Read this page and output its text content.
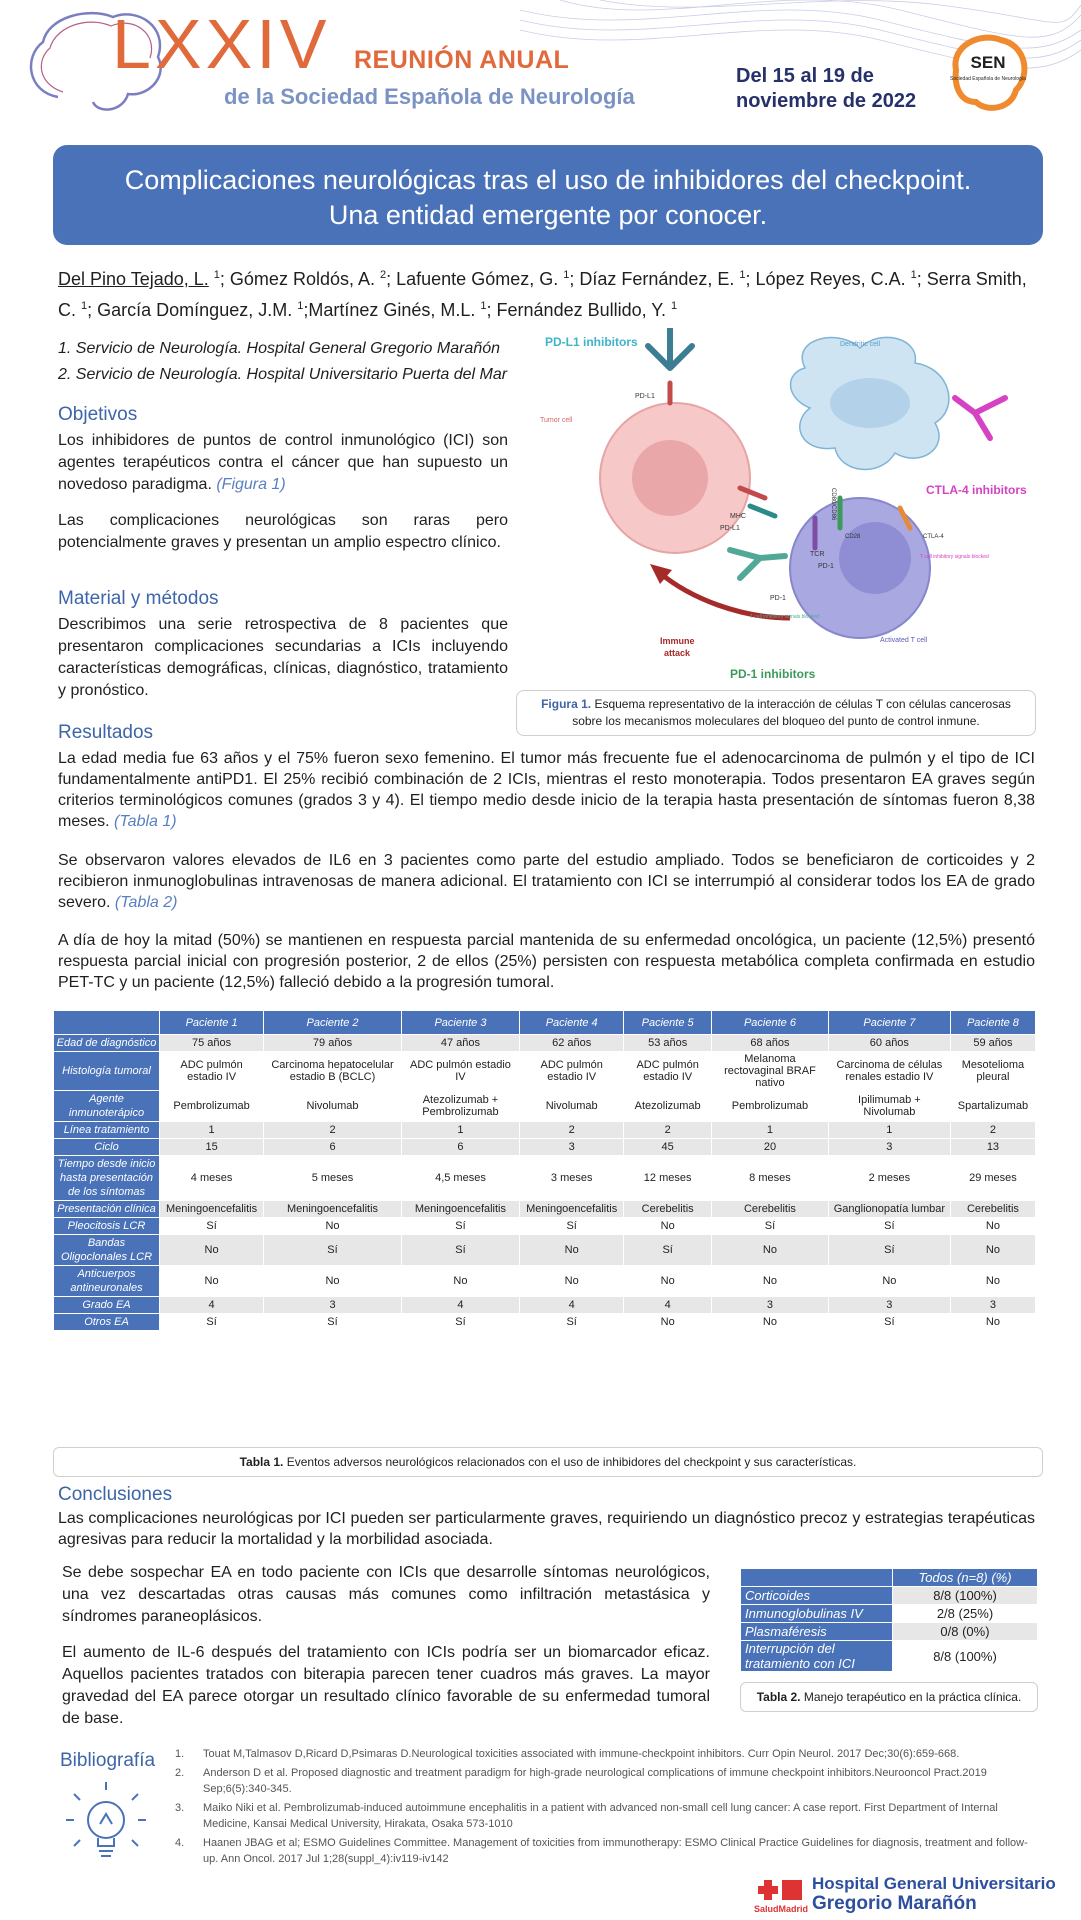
LXXIV REUNIÓN ANUAL
de la Sociedad Española de Neurología
Del 15 al 19 de
noviembre de 2022
SEN
Sociedad Española de Neurología
Complicaciones neurológicas tras el uso de inhibidores del checkpoint.
Una entidad emergente por conocer.
Del Pino Tejado, L. $^1$; Gómez Roldós, A. $^2$; Lafuente Gómez, G. $^1$; Díaz Fernández, E. $^1$; López Reyes, C.A. $^1$; Serra Smith, C. $^1$; García Domínguez, J.M. $^1$;Martínez Ginés, M.L. $^1$; Fernández Bullido, Y. $^1$
1. Servicio de Neurología. Hospital General Gregorio Marañón
2. Servicio de Neurología. Hospital Universitario Puerta del Mar
Objetivos
Los inhibidores de puntos de control inmunológico (ICI) son agentes terapéuticos contra el cáncer que han supuesto un novedoso paradigma. (Figura 1)
Las complicaciones neurológicas son raras pero potencialmente graves y presentan un amplio espectro clínico.
Material y métodos
Describimos una serie retrospectiva de 8 pacientes que presentaron complicaciones secundarias a ICIs incluyendo características demográficas, clínicas, diagnóstico, tratamiento y pronóstico.
PD-L1 inhibitors	Dendritic cell
Tumor cell
PD-L1
MHC
PD-L1
CD80/CD86	CTLA-4 inhibitors
TCR
CD28
PD-1
CTLA-4
T cell inhibitory signals blocked
PD-1
T cell inhibitory signals blocked
Activated T cell
Immune
attack
PD-1 inhibitors
Figura 1. Esquema representativo de la interacción de células T con células cancerosas
sobre los mecanismos moleculares del bloqueo del punto de control inmune.
Resultados
La edad media fue 63 años y el 75% fueron sexo femenino. El tumor más frecuente fue el adenocarcinoma de pulmón y el tipo de ICI fundamentalmente antiPD1. El 25% recibió combinación de 2 ICIs, mientras el resto monoterapia. Todos presentaron EA graves según criterios terminológicos comunes (grados 3 y 4). El tiempo medio desde inicio de la terapia hasta presentación de síntomas fueron 8,38 meses. (Tabla 1)
Se observaron valores elevados de IL6 en 3 pacientes como parte del estudio ampliado. Todos se beneficiaron de corticoides y 2 recibieron inmunoglobulinas intravenosas de manera adicional. El tratamiento con ICI se interrumpió al considerar todos los EA de grado severo. (Tabla 2)
A día de hoy la mitad (50%) se mantienen en respuesta parcial mantenida de su enfermedad oncológica, un paciente (12,5%) presentó respuesta parcial inicial con progresión posterior, 2 de ellos (25%) persisten con respuesta metabólica completa confirmada en estudio PET-TC y un paciente (12,5%) falleció debido a la progresión tumoral.
	Paciente 1	Paciente 2	Paciente 3	Paciente 4	Paciente 5	Paciente 6	Paciente 7	Paciente 8
Edad de diagnóstico	75 años	79 años	47 años	62 años	53 años	68 años	60 años	59 años
Histología tumoral	ADC pulmón estadio IV	Carcinoma hepatocelular estadio B (BCLC)	ADC pulmón estadio IV	ADC pulmón estadio IV	ADC pulmón estadio IV	Melanoma rectovaginal BRAF nativo	Carcinoma de células renales estadio IV	Mesotelioma pleural
Agente inmunoterápico	Pembrolizumab	Nivolumab	Atezolizumab + Pembrolizumab	Nivolumab	Atezolizumab	Pembrolizumab	Ipilimumab + Nivolumab	Spartalizumab
Línea tratamiento	1	2	1	2	2	1	1	2
Ciclo	15	6	6	3	45	20	3	13
Tiempo desde inicio hasta presentación de los síntomas	4 meses	5 meses	4,5 meses	3 meses	12 meses	8 meses	2 meses	29 meses
Presentación clínica	Meningoencefalitis	Meningoencefalitis	Meningoencefalitis	Meningoencefalitis	Cerebelitis	Cerebelitis	Ganglionopatía lumbar	Cerebelitis
Pleocitosis LCR	Sí	No	Sí	Sí	No	Sí	Sí	No
Bandas Oligoclonales LCR	No	Sí	Sí	No	Sí	No	Sí	No
Anticuerpos antineuronales	No	No	No	No	No	No	No	No
Grado EA	4	3	4	4	4	3	3	3
Otros EA	Sí	Sí	Sí	Sí	No	No	Sí	No
Tabla 1. Eventos adversos neurológicos relacionados con el uso de inhibidores del checkpoint y sus características.
Conclusiones
Las complicaciones neurológicas por ICI pueden ser particularmente graves, requiriendo un diagnóstico precoz y estrategias terapéuticas agresivas para reducir la mortalidad y la morbilidad asociada.
Se debe sospechar EA en todo paciente con ICIs que desarrolle síntomas neurológicos, una vez descartadas otras causas más comunes como infiltración metastásica y síndromes paraneoplásicos.
El aumento de IL-6 después del tratamiento con ICIs podría ser un biomarcador eficaz. Aquellos pacientes tratados con biterapia parecen tener cuadros más graves. La mayor gravedad del EA parece otorgar un resultado clínico favorable de su enfermedad tumoral de base.
	Todos (n=8) (%)
Corticoides	8/8 (100%)
Inmunoglobulinas IV	2/8 (25%)
Plasmaféresis	0/8 (0%)
Interrupción del tratamiento con ICI	8/8 (100%)
Tabla 2. Manejo terapéutico en la práctica clínica.
Bibliografía 1. Touat M,Talmasov D,Ricard D,Psimaras D.Neurological toxicities associated with immune-checkpoint inhibitors. Curr Opin Neurol. 2017 Dec;30(6):659-668.
2. Anderson D et al. Proposed diagnostic and treatment paradigm for high-grade neurological complications of immune checkpoint inhibitors.Neurooncol Pract.2019 Sep;6(5):340-345.
3. Maiko Niki et al. Pembrolizumab-induced autoimmune encephalitis in a patient with advanced non-small cell lung cancer: A case report. First Department of Internal Medicine, Kansai Medical University, Hirakata, Osaka 573-1010
4. Haanen JBAG et al; ESMO Guidelines Committee. Management of toxicities from immunotherapy: ESMO Clinical Practice Guidelines for diagnosis, treatment and follow-up. Ann Oncol. 2017 Jul 1;28(suppl_4):iv119-iv142
SaludMadrid
Hospital General Universitario
Gregorio Marañón
